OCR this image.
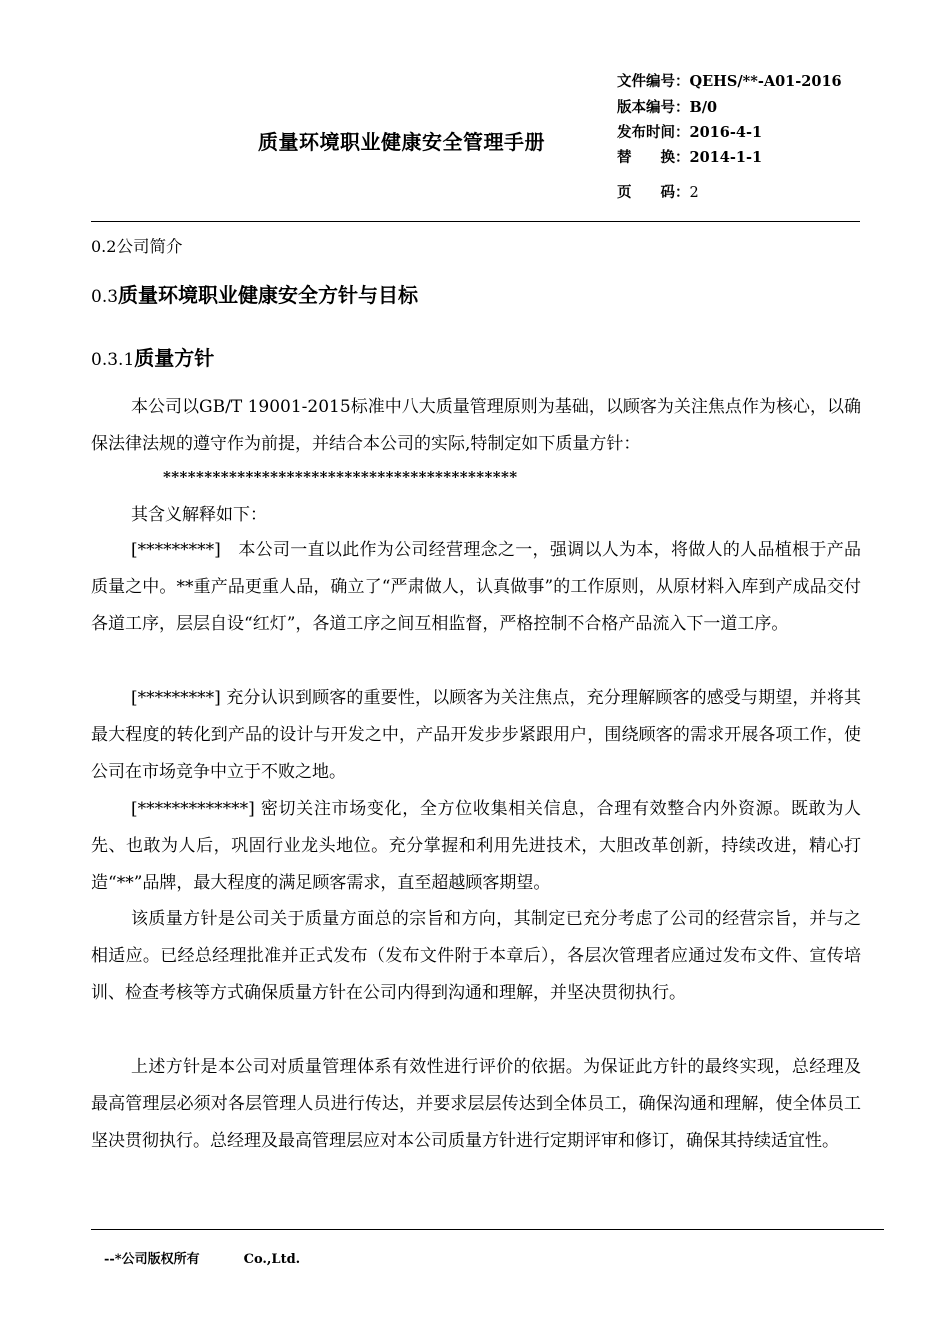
质量环境职业健康安全管理手册
文件编号：QEHS/**-A01-2016
版本编号：B/0
发布时间：2016-4-1
替　　换：2014-1-1
页　　码：2
0.2公司简介
0.3质量环境职业健康安全方针与目标
0.3.1质量方针
本公司以GB/T 19001-2015标准中八大质量管理原则为基础，以顾客为关注焦点作为核心，以确保法律法规的遵守作为前提，并结合本公司的实际,特制定如下质量方针：
*******************************************
其含义解释如下：
[*********]　本公司一直以此作为公司经营理念之一，强调以人为本，将做人的人品植根于产品质量之中。**重产品更重人品，确立了“严肃做人，认真做事”的工作原则，从原材料入库到产成品交付各道工序，层层自设“红灯”，各道工序之间互相监督，严格控制不合格产品流入下一道工序。
[*********] 充分认识到顾客的重要性，以顾客为关注焦点，充分理解顾客的感受与期望，并将其最大程度的转化到产品的设计与开发之中，产品开发步步紧跟用户，围绕顾客的需求开展各项工作，使公司在市场竞争中立于不败之地。
[*************] 密切关注市场变化，全方位收集相关信息，合理有效整合内外资源。既敢为人先、也敢为人后，巩固行业龙头地位。充分掌握和利用先进技术，大胆改革创新，持续改进，精心打造“**”品牌，最大程度的满足顾客需求，直至超越顾客期望。
该质量方针是公司关于质量方面总的宗旨和方向，其制定已充分考虑了公司的经营宗旨，并与之相适应。已经总经理批准并正式发布（发布文件附于本章后），各层次管理者应通过发布文件、宣传培训、检查考核等方式确保质量方针在公司内得到沟通和理解，并坚决贯彻执行。
上述方针是本公司对质量管理体系有效性进行评价的依据。为保证此方针的最终实现，总经理及最高管理层必须对各层管理人员进行传达，并要求层层传达到全体员工，确保沟通和理解，使全体员工坚决贯彻执行。总经理及最高管理层应对本公司质量方针进行定期评审和修订，确保其持续适宜性。
--*公司版权所有	Co.,Ltd.
